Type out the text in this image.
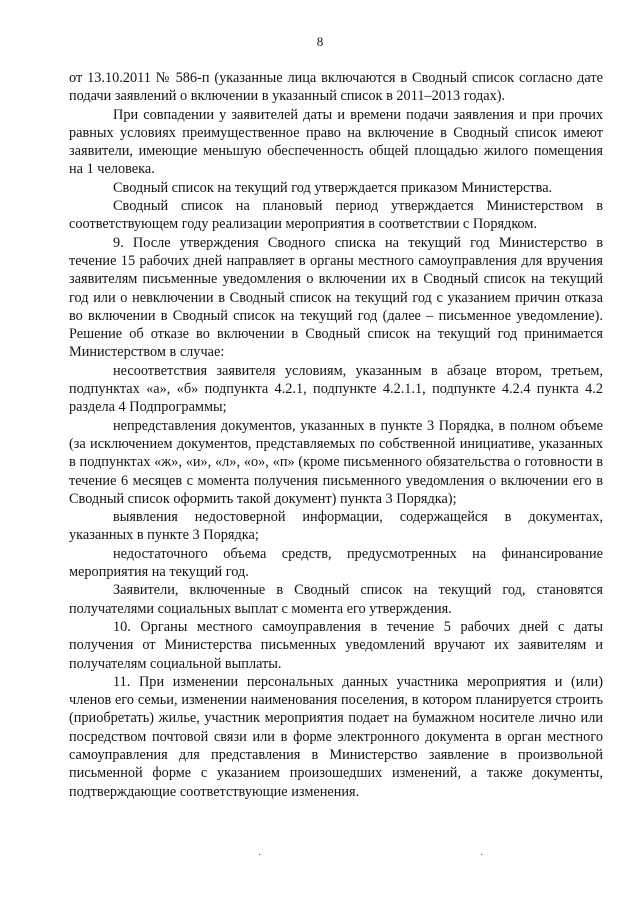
8

от 13.10.2011 № 586-п (указанные лица включаются в Сводный список согласно дате подачи заявлений о включении в указанный список в 2011–2013 годах).

При совпадении у заявителей даты и времени подачи заявления и при прочих равных условиях преимущественное право на включение в Сводный список имеют заявители, имеющие меньшую обеспеченность общей площадью жилого помещения на 1 человека.

Сводный список на текущий год утверждается приказом Министерства.

Сводный список на плановый период утверждается Министерством в соответствующем году реализации мероприятия в соответствии с Порядком.

9. После утверждения Сводного списка на текущий год Министерство в течение 15 рабочих дней направляет в органы местного самоуправления для вручения заявителям письменные уведомления о включении их в Сводный список на текущий год или о невключении в Сводный список на текущий год с указанием причин отказа во включении в Сводный список на текущий год (далее – письменное уведомление). Решение об отказе во включении в Сводный список на текущий год принимается Министерством в случае:

несоответствия заявителя условиям, указанным в абзаце втором, третьем, подпунктах «а», «б» подпункта 4.2.1, подпункте 4.2.1.1, подпункте 4.2.4 пункта 4.2 раздела 4 Подпрограммы;

непредставления документов, указанных в пункте 3 Порядка, в полном объеме (за исключением документов, представляемых по собственной инициативе, указанных в подпунктах «ж», «и», «л», «о», «п» (кроме письменного обязательства о готовности в течение 6 месяцев с момента получения письменного уведомления о включении его в Сводный список оформить такой документ) пункта 3 Порядка);

выявления недостоверной информации, содержащейся в документах, указанных в пункте 3 Порядка;

недостаточного объема средств, предусмотренных на финансирование мероприятия на текущий год.

Заявители, включенные в Сводный список на текущий год, становятся получателями социальных выплат с момента его утверждения.

10. Органы местного самоуправления в течение 5 рабочих дней с даты получения от Министерства письменных уведомлений вручают их заявителям и получателям социальной выплаты.

11. При изменении персональных данных участника мероприятия и (или) членов его семьи, изменении наименования поселения, в котором планируется строить (приобретать) жилье, участник мероприятия подает на бумажном носителе лично или посредством почтовой связи или в форме электронного документа в орган местного самоуправления для представления в Министерство заявление в произвольной письменной форме с указанием произошедших изменений, а также документы, подтверждающие соответствующие изменения.

·	·
